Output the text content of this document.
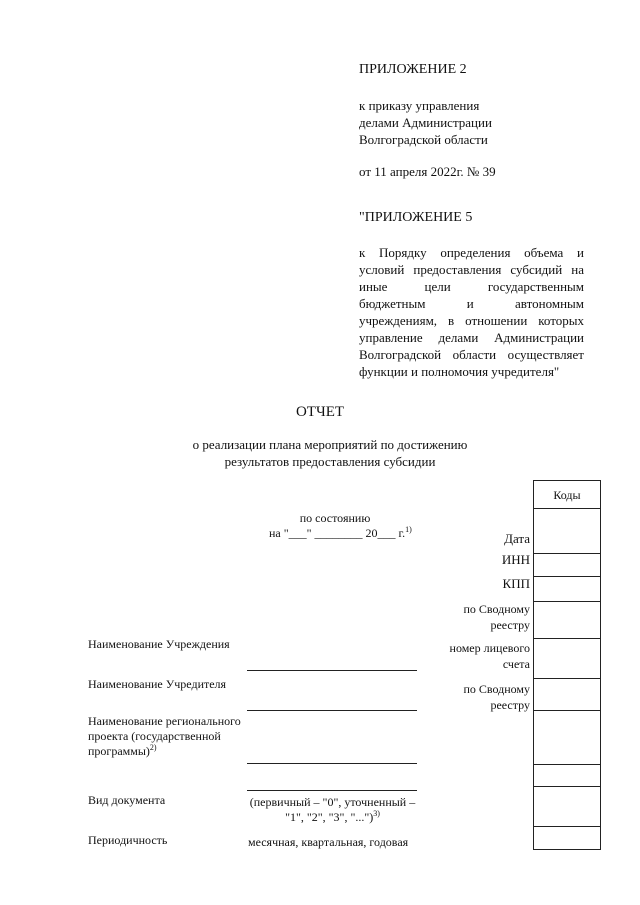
ПРИЛОЖЕНИЕ 2
к приказу управления
делами Администрации
Волгоградской области
от 11 апреля 2022г. № 39
"ПРИЛОЖЕНИЕ 5
к Порядку определения объема и условий предоставления субсидий на иные цели государственным бюджетным и автономным учреждениям, в отношении которых управление делами Администрации Волгоградской области осуществляет функции и полномочия учредителя"
ОТЧЕТ
о реализации плана мероприятий по достижению
результатов предоставления субсидии
по состоянию
на "___" ________ 20___ г.$^{1)}$
Коды
Дата
ИНН
КПП
по Сводному
реестру
номер лицевого
счета
по Сводному
реестру
Наименование Учреждения
Наименование Учредителя
Наименование регионального
проекта (государственной
программы)$^{2)}$
Вид документа	(первичный – "0", уточненный –
"1", "2", "3", "...")$^{3)}$
Периодичность	месячная, квартальная, годовая
